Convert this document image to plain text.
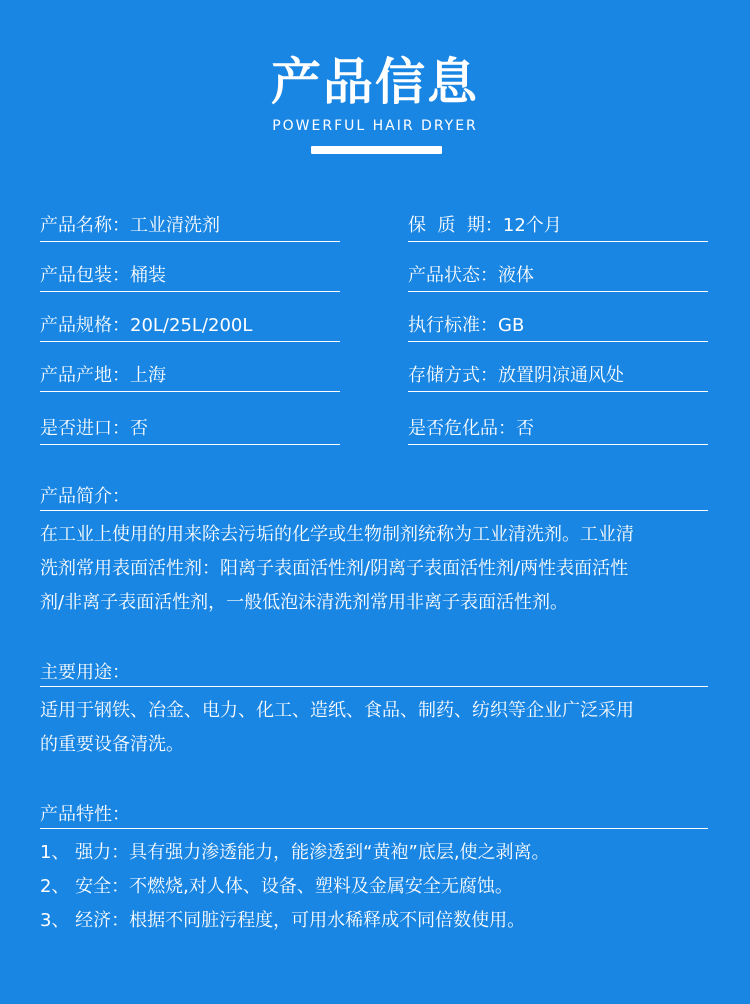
产品信息
POWERFUL HAIR DRYER
产品名称：工业清洗剂	保  质  期：12个月
产品包装：桶装	产品状态：液体
产品规格：20L/25L/200L	执行标准：GB
产品产地：上海	存储方式：放置阴凉通风处
是否进口：否	是否危化品：否
产品简介：

在工业上使用的用来除去污垢的化学或生物制剂统称为工业清洗剂。工业清

洗剂常用表面活性剂：阳离子表面活性剂/阴离子表面活性剂/两性表面活性

剂/非离子表面活性剂，一般低泡沫清洗剂常用非离子表面活性剂。

主要用途：

适用于钢铁、冶金、电力、化工、造纸、食品、制药、纺织等企业广泛采用

的重要设备清洗。

产品特性：

1、 强力：具有强力渗透能力，能渗透到“黄袍”底层,使之剥离。

2、 安全：不燃烧,对人体、设备、塑料及金属安全无腐蚀。

3、 经济：根据不同脏污程度，可用水稀释成不同倍数使用。
